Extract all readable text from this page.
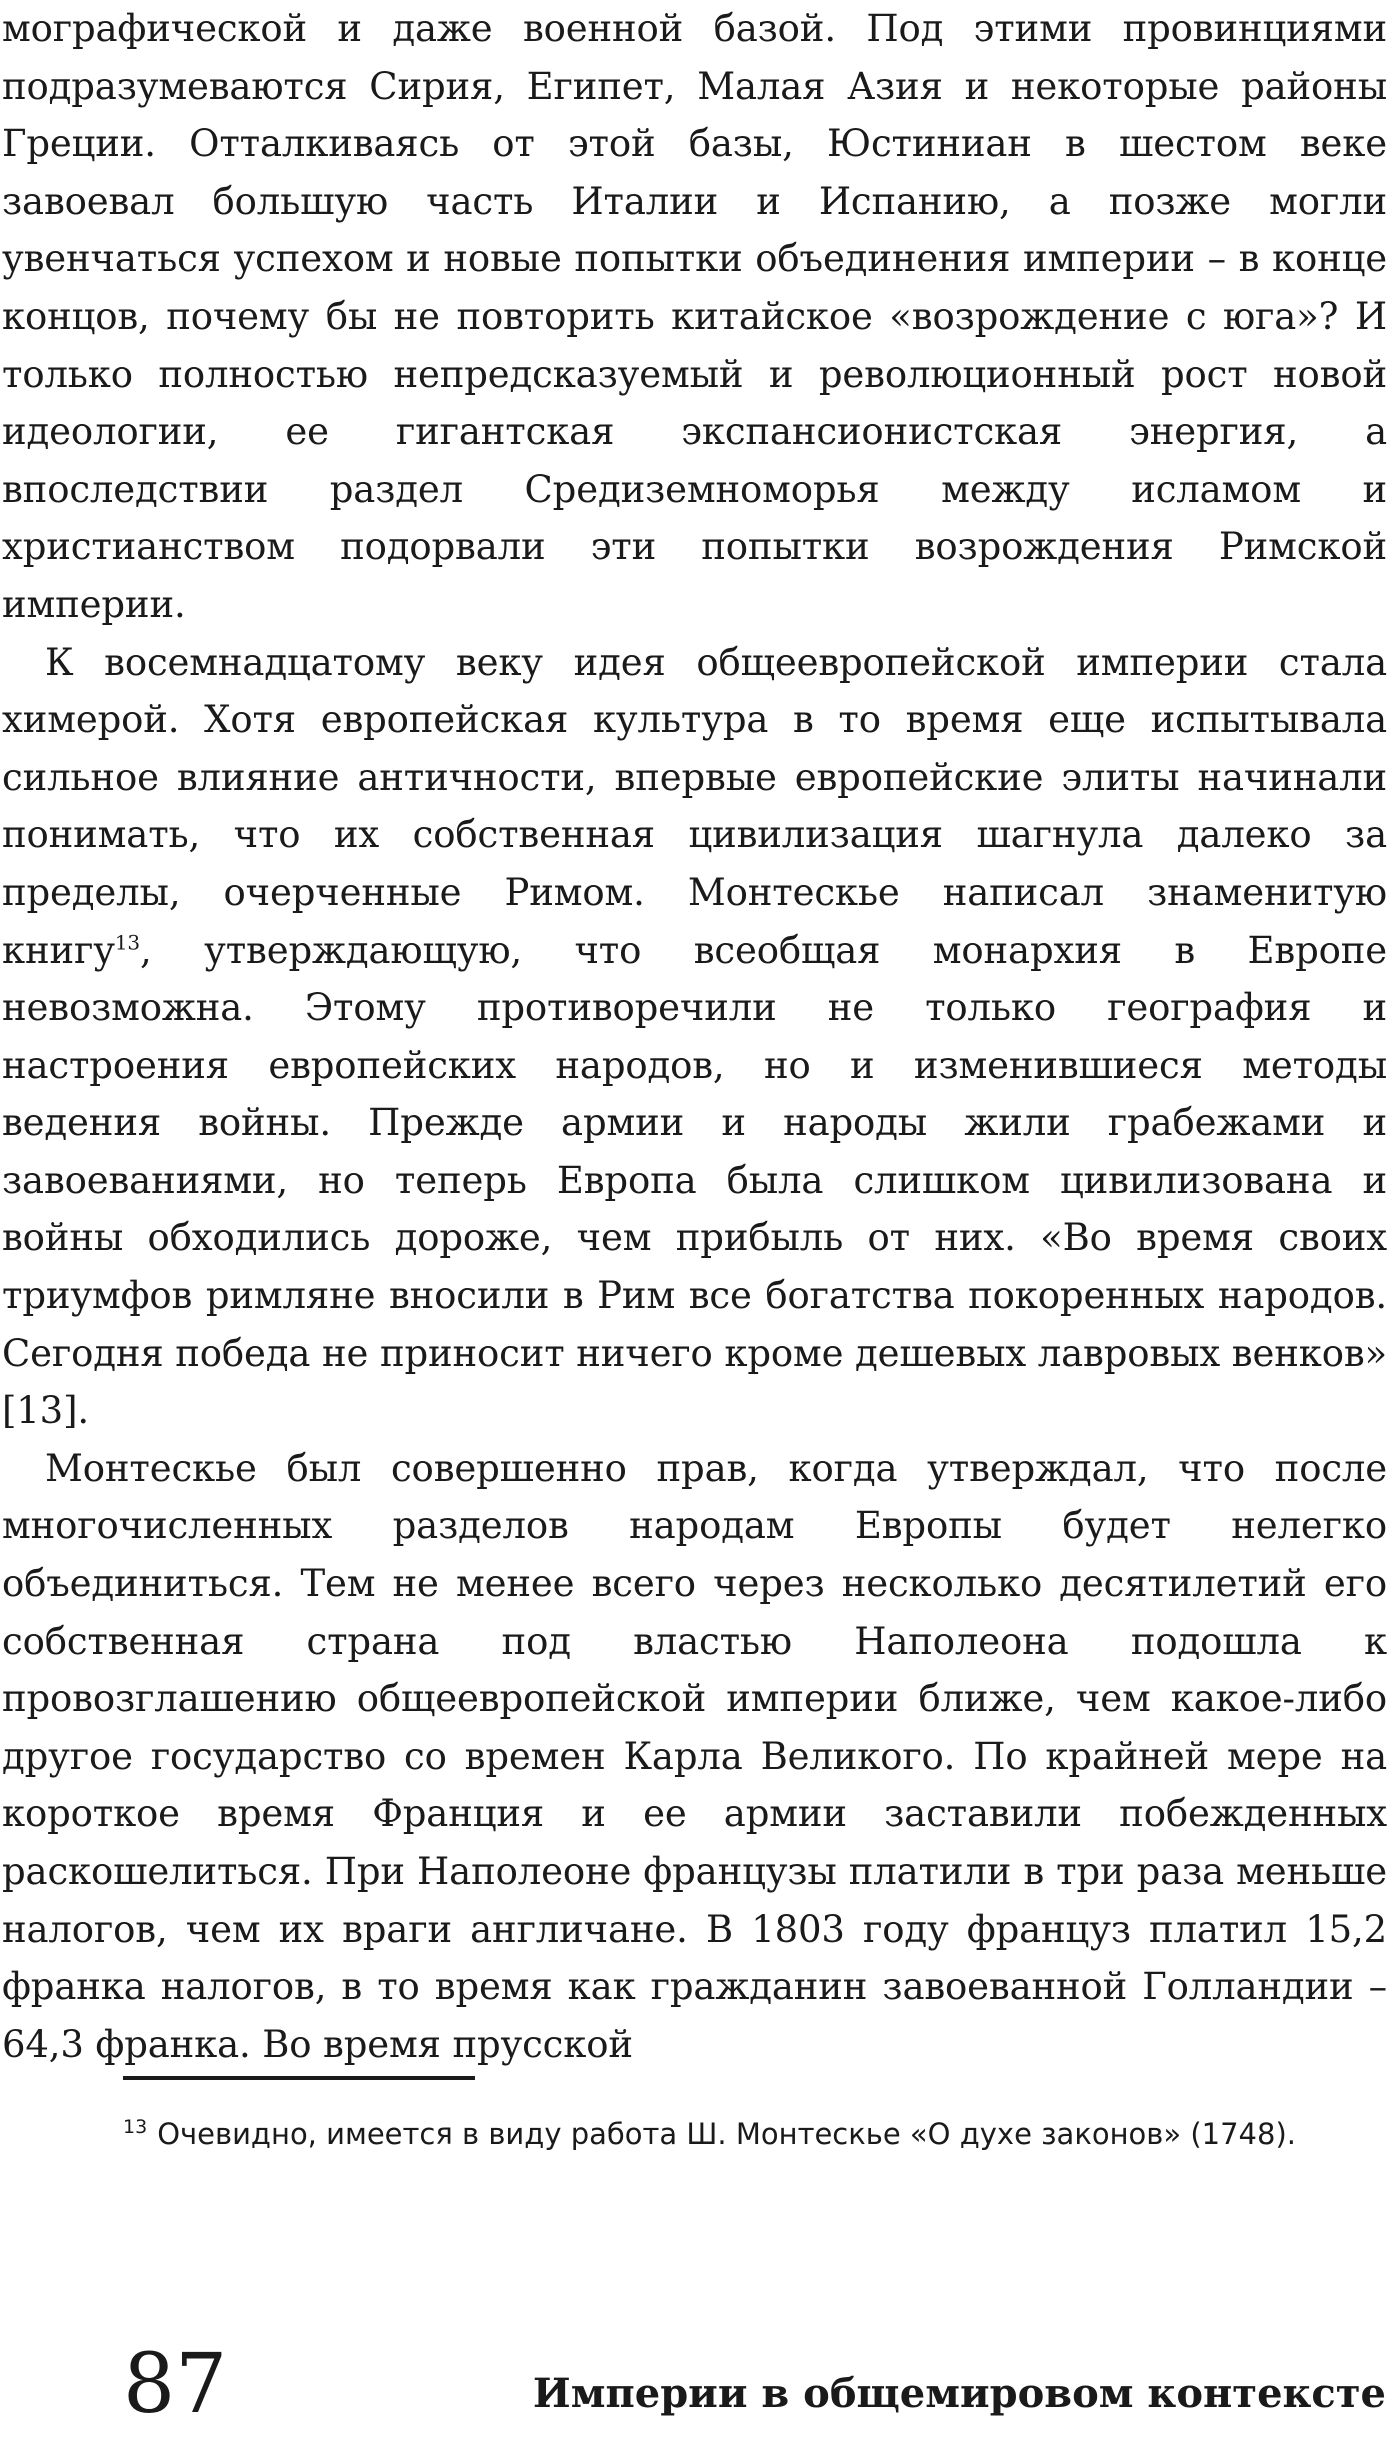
мографической и даже военной базой. Под этими провинциями подразумеваются Сирия, Египет, Малая Азия и некоторые районы Греции. Отталкиваясь от этой базы, Юстиниан в шестом веке завоевал большую часть Италии и Испанию, а позже могли увенчаться успехом и новые попытки объединения империи – в конце концов, почему бы не повторить китайское «возрождение с юга»? И только полностью непредсказуемый и революционный рост новой идеологии, ее гигантская экспансионистская энергия, а впоследствии раздел Средиземноморья между исламом и христианством подорвали эти попытки возрождения Римской империи.

К восемнадцатому веку идея общеевропейской империи стала химерой. Хотя европейская культура в то время еще испытывала сильное влияние античности, впервые европейские элиты начинали понимать, что их собственная цивилизация шагнула далеко за пределы, очерченные Римом. Монтескье написал знаменитую книгу$^{13}$, утверждающую, что всеобщая монархия в Европе невозможна. Этому противоречили не только география и настроения европейских народов, но и изменившиеся методы ведения войны. Прежде армии и народы жили грабежами и завоеваниями, но теперь Европа была слишком цивилизована и войны обходились дороже, чем прибыль от них. «Во время своих триумфов римляне вносили в Рим все богатства покоренных народов. Сегодня победа не приносит ничего кроме дешевых лавровых венков» [13].

Монтескье был совершенно прав, когда утверждал, что после многочисленных разделов народам Европы будет нелегко объединиться. Тем не менее всего через несколько десятилетий его собственная страна под властью Наполеона подошла к провозглашению общеевропейской империи ближе, чем какое-либо другое государство со времен Карла Великого. По крайней мере на короткое время Франция и ее армии заставили побежденных раскошелиться. При Наполеоне французы платили в три раза меньше налогов, чем их враги англичане. В 1803 году француз платил 15,2 франка налогов, в то время как гражданин завоеванной Голландии – 64,3 франка. Во время прусской

$^{13}$ Очевидно, имеется в виду работа Ш. Монтескье «О духе законов» (1748).
87	Империи в общемировом контексте
